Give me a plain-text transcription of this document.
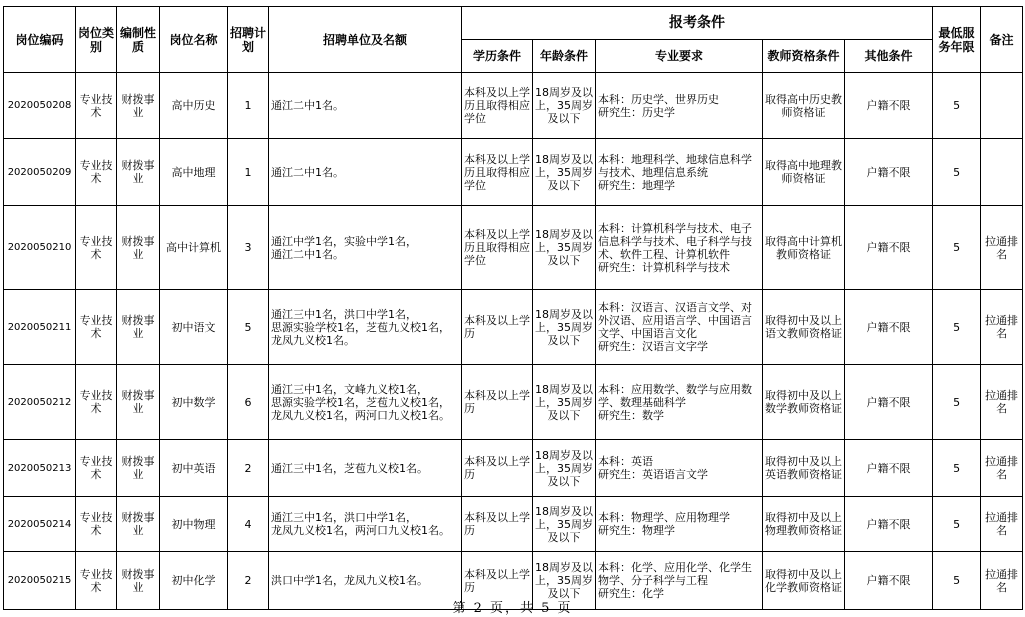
岗位编码	岗位类别	编制性质	岗位名称	招聘计划	招聘单位及名额	报考条件					最低服务年限	备注
						学历条件	年龄条件	专业要求	教师资格条件	其他条件		
2020050208	专业技术	财拨事业	高中历史	1	通江二中1名。	本科及以上学历且取得相应学位	18周岁及以上，35周岁及以下	本科：历史学、世界历史
研究生：历史学	取得高中历史教师资格证	户籍不限	5	
2020050209	专业技术	财拨事业	高中地理	1	通江二中1名。	本科及以上学历且取得相应学位	18周岁及以上，35周岁及以下	本科：地理科学、地球信息科学与技术、地理信息系统
研究生：地理学	取得高中地理教师资格证	户籍不限	5	
2020050210	专业技术	财拨事业	高中计算机	3	通江中学1名，实验中学1名，
通江二中1名。	本科及以上学历且取得相应学位	18周岁及以上，35周岁及以下	本科：计算机科学与技术、电子信息科学与技术、电子科学与技术、软件工程、计算机软件
研究生：计算机科学与技术	取得高中计算机教师资格证	户籍不限	5	拉通排名
2020050211	专业技术	财拨事业	初中语文	5	通江三中1名，洪口中学1名，
思源实验学校1名，芝苞九义校1名，
龙凤九义校1名。	本科及以上学历	18周岁及以上，35周岁及以下	本科：汉语言、汉语言文学、对外汉语、应用语言学、中国语言文学、中国语言文化
研究生：汉语言文字学	取得初中及以上语文教师资格证	户籍不限	5	拉通排名
2020050212	专业技术	财拨事业	初中数学	6	通江三中1名，文峰九义校1名，
思源实验学校1名，芝苞九义校1名，
龙凤九义校1名，两河口九义校1名。	本科及以上学历	18周岁及以上，35周岁及以下	本科：应用数学、数学与应用数学、数理基础科学
研究生：数学	取得初中及以上数学教师资格证	户籍不限	5	拉通排名
2020050213	专业技术	财拨事业	初中英语	2	通江三中1名，芝苞九义校1名。	本科及以上学历	18周岁及以上，35周岁及以下	本科：英语
研究生：英语语言文学	取得初中及以上英语教师资格证	户籍不限	5	拉通排名
2020050214	专业技术	财拨事业	初中物理	4	通江三中1名，洪口中学1名，
龙凤九义校1名，两河口九义校1名。	本科及以上学历	18周岁及以上，35周岁及以下	本科：物理学、应用物理学
研究生：物理学	取得初中及以上物理教师资格证	户籍不限	5	拉通排名
2020050215	专业技术	财拨事业	初中化学	2	洪口中学1名，龙凤九义校1名。	本科及以上学历	18周岁及以上，35周岁及以下	本科：化学、应用化学、化学生物学、分子科学与工程
研究生：化学	取得初中及以上化学教师资格证	户籍不限	5	拉通排名
第 2 页，共 5 页
